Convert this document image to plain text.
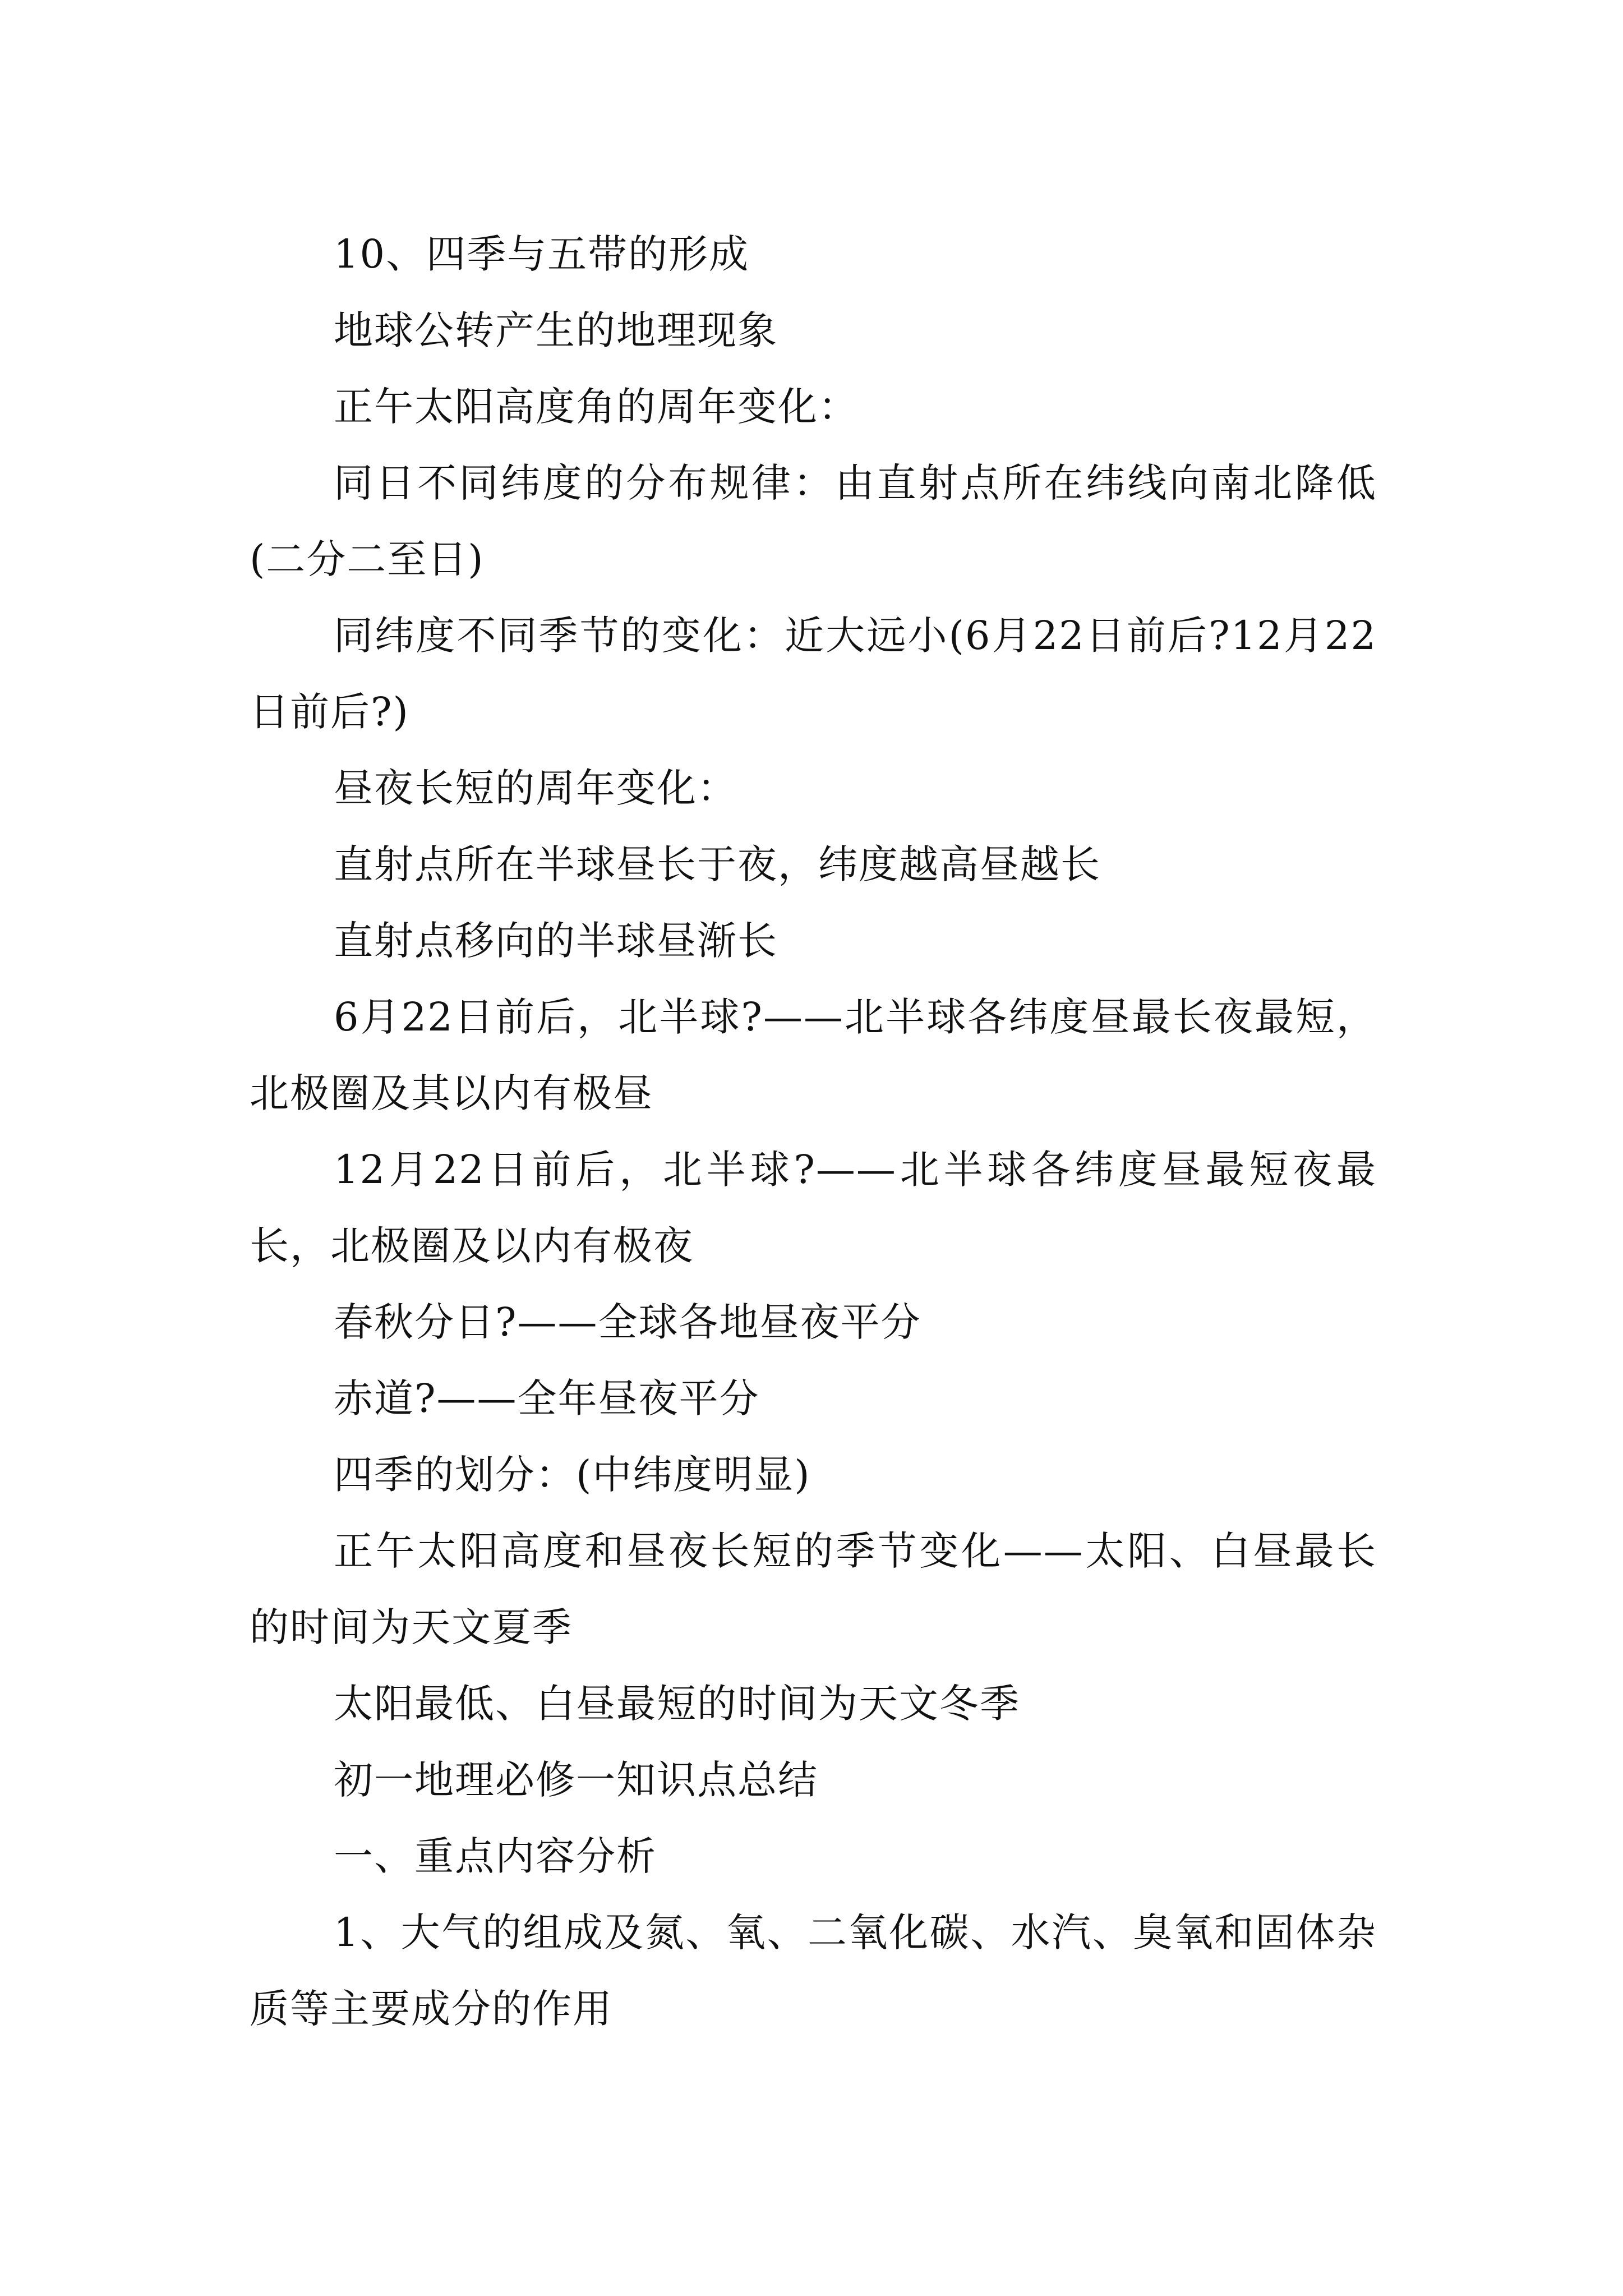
10、四季与五带的形成

地球公转产生的地理现象

正午太阳高度角的周年变化：

同日不同纬度的分布规律：由直射点所在纬线向南北降低(二分二至日)

同纬度不同季节的变化：近大远小(6月22日前后?12月22日前后?)

昼夜长短的周年变化：

直射点所在半球昼长于夜，纬度越高昼越长

直射点移向的半球昼渐长

6月22日前后，北半球?——北半球各纬度昼最长夜最短，北极圈及其以内有极昼

12月22日前后，北半球?——北半球各纬度昼最短夜最长，北极圈及以内有极夜

春秋分日?——全球各地昼夜平分

赤道?——全年昼夜平分

四季的划分：(中纬度明显)

正午太阳高度和昼夜长短的季节变化——太阳、白昼最长的时间为天文夏季

太阳最低、白昼最短的时间为天文冬季

初一地理必修一知识点总结

一、重点内容分析

1、大气的组成及氮、氧、二氧化碳、水汽、臭氧和固体杂质等主要成分的作用
